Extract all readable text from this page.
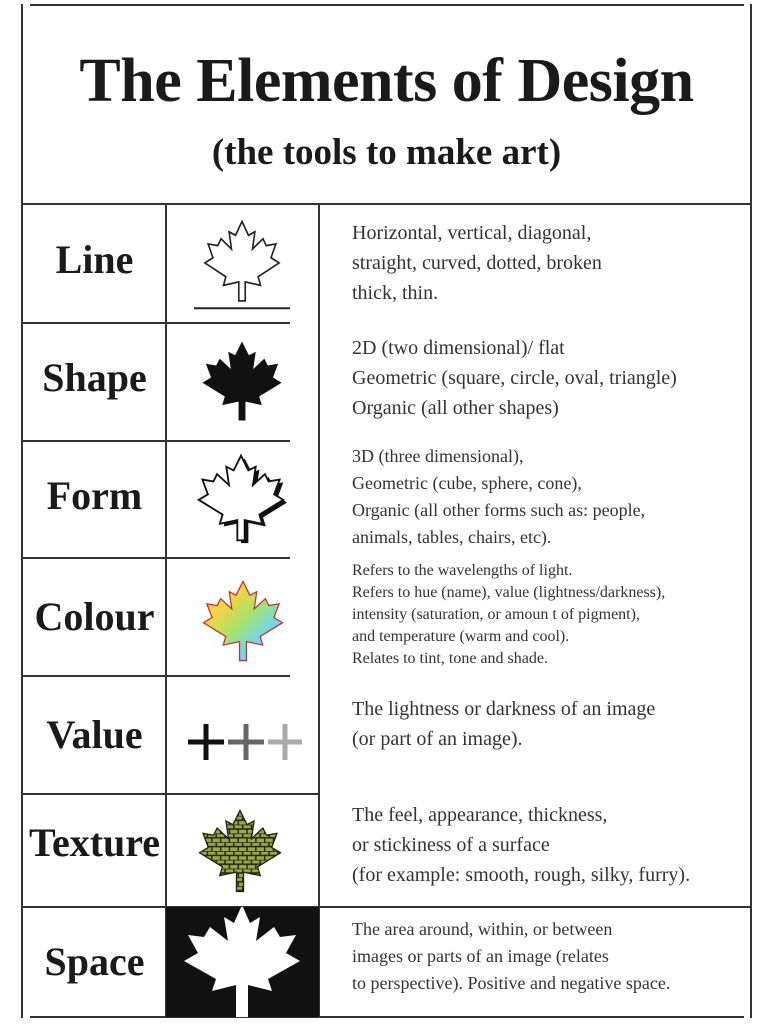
The Elements of Design
(the tools to make art)
Line
Horizontal, vertical, diagonal,
straight, curved, dotted, broken
thick, thin.
Shape
2D (two dimensional)/ flat
Geometric (square, circle, oval, triangle)
Organic (all other shapes)
Form
3D (three dimensional),
Geometric (cube, sphere, cone),
Organic (all other forms such as: people,
animals, tables, chairs, etc).
Colour
Refers to the wavelengths of light.
Refers to hue (name), value (lightness/darkness),
intensity (saturation, or amoun t of pigment),
and temperature (warm and cool).
Relates to tint, tone and shade.
Value
The lightness or darkness of an image
(or part of an image).
Texture
The feel, appearance, thickness,
or stickiness of a surface
(for example: smooth, rough, silky, furry).
Space
The area around, within, or between
images or parts of an image (relates
to perspective). Positive and negative space.
